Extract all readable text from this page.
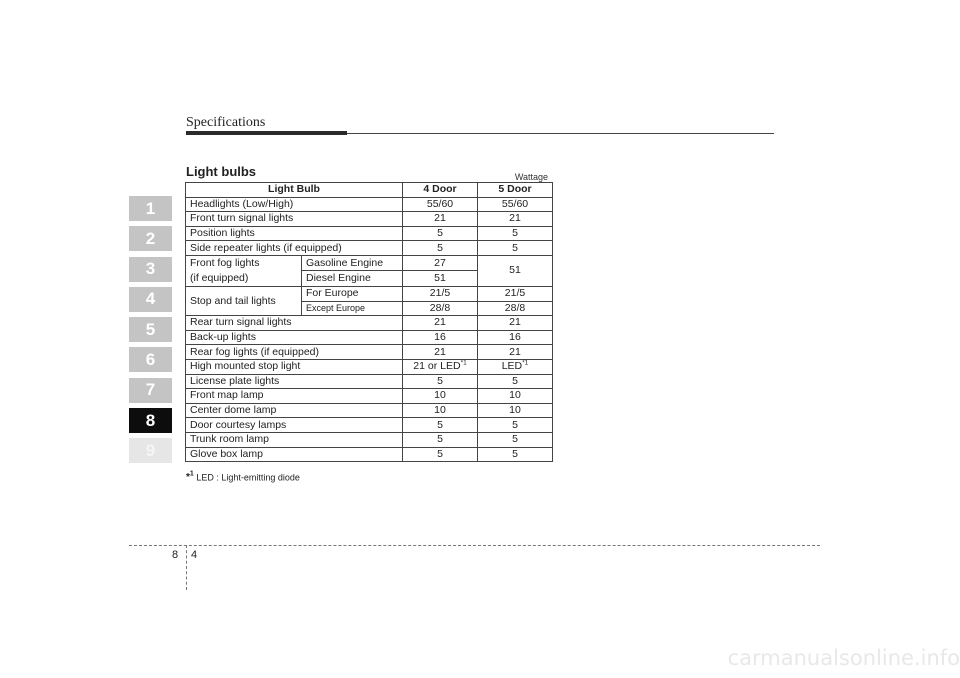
Specifications
1
2
3
4
5
6
7
8
9
Light bulbs	Wattage
Light Bulb		4 Door	5 Door
Headlights (Low/High)		55/60	55/60
Front turn signal lights		21	21
Position lights		5	5
Side repeater lights (if equipped)		5	5
Front fog lights
(if equipped)	Gasoline Engine	27	51
	Diesel Engine	51	
Stop and tail lights	For Europe	21/5	21/5
	Except Europe	28/8	28/8
Rear turn signal lights		21	21
Back-up lights		16	16
Rear fog lights (if equipped)		21	21
High mounted stop light		21 or LED$^{*1}$	LED$^{*1}$
License plate lights		5	5
Front map lamp		10	10
Center dome lamp		10	10
Door courtesy lamps		5	5
Trunk room lamp		5	5
Glove box lamp		5	5
*$^1$ LED : Light-emitting diode
8 4
carmanualsonline.info
